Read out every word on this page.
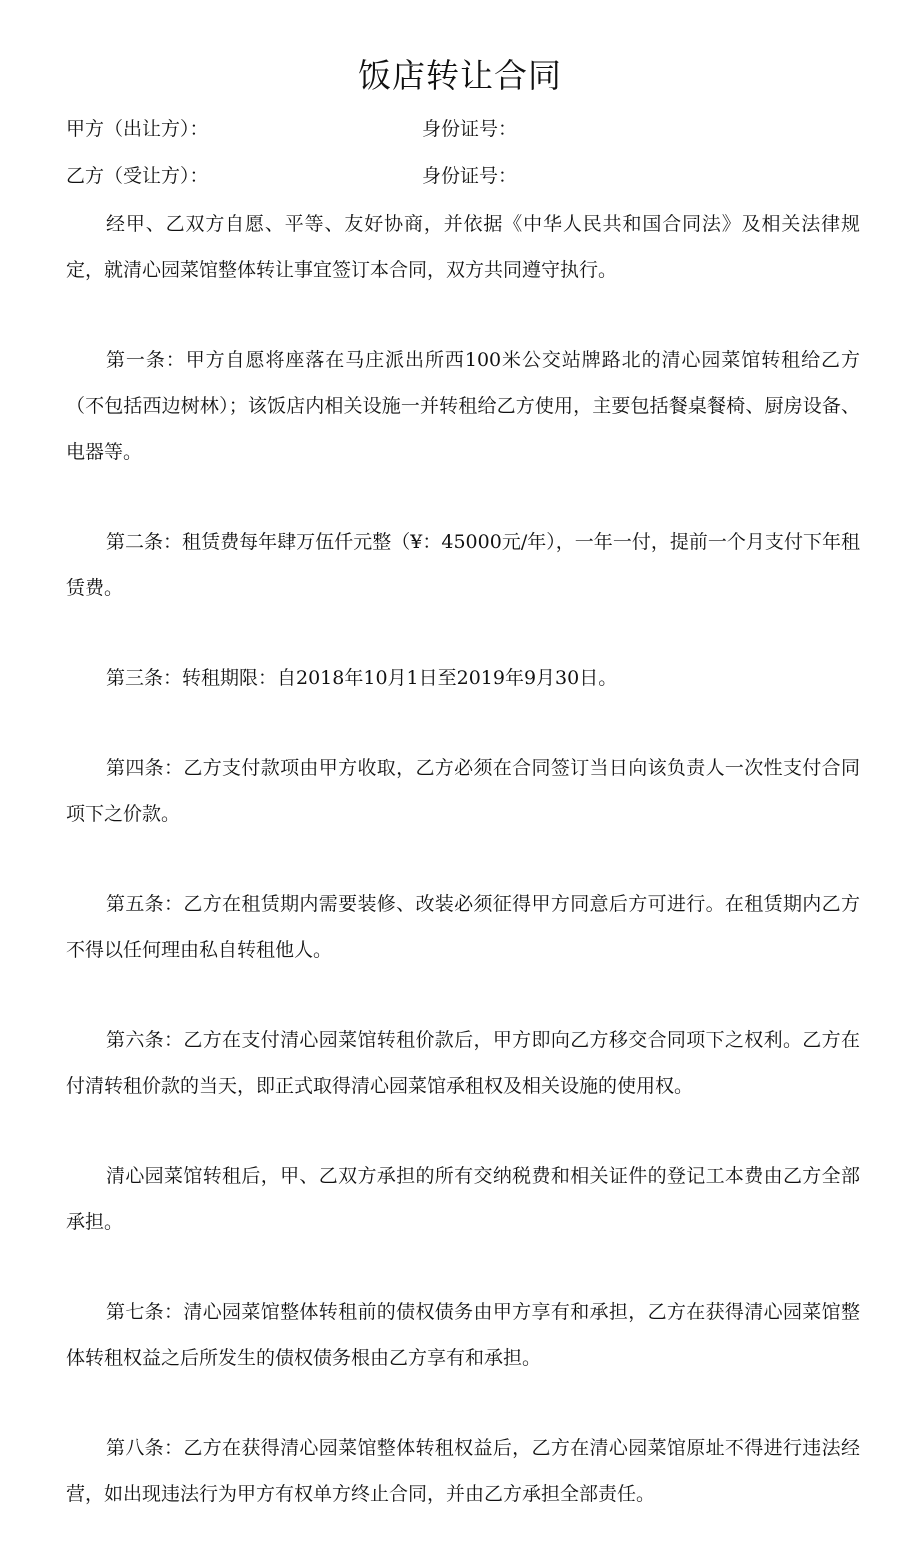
饭店转让合同
甲方（出让方）：	身份证号：
乙方（受让方）：	身份证号：

经甲、乙双方自愿、平等、友好协商，并依据《中华人民共和国合同法》及相关法律规定，就清心园菜馆整体转让事宜签订本合同，双方共同遵守执行。

第一条：甲方自愿将座落在马庄派出所西100米公交站牌路北的清心园菜馆转租给乙方（不包括西边树林）；该饭店内相关设施一并转租给乙方使用，主要包括餐桌餐椅、厨房设备、电器等。

第二条：租赁费每年肆万伍仟元整（¥：45000元/年），一年一付，提前一个月支付下年租赁费。

第三条：转租期限：自2018年10月1日至2019年9月30日。

第四条：乙方支付款项由甲方收取，乙方必须在合同签订当日向该负责人一次性支付合同项下之价款。

第五条：乙方在租赁期内需要装修、改装必须征得甲方同意后方可进行。在租赁期内乙方不得以任何理由私自转租他人。

第六条：乙方在支付清心园菜馆转租价款后，甲方即向乙方移交合同项下之权利。乙方在付清转租价款的当天，即正式取得清心园菜馆承租权及相关设施的使用权。

清心园菜馆转租后，甲、乙双方承担的所有交纳税费和相关证件的登记工本费由乙方全部承担。

第七条：清心园菜馆整体转租前的债权债务由甲方享有和承担，乙方在获得清心园菜馆整体转租权益之后所发生的债权债务根由乙方享有和承担。

第八条：乙方在获得清心园菜馆整体转租权益后，乙方在清心园菜馆原址不得进行违法经营，如出现违法行为甲方有权单方终止合同，并由乙方承担全部责任。
